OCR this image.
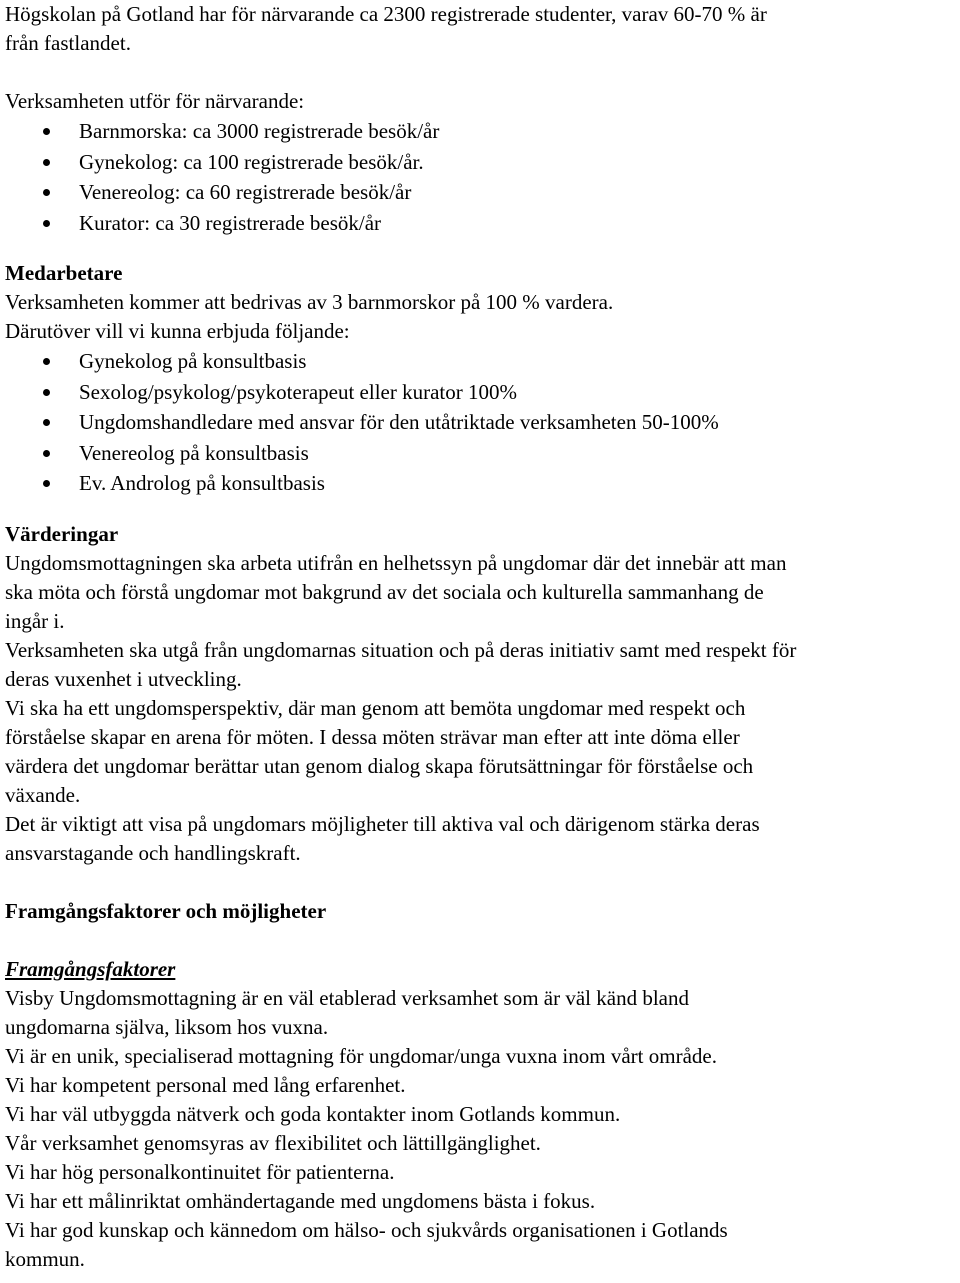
Högskolan på Gotland har för närvarande ca 2300 registrerade studenter, varav 60-70 % är

från fastlandet.

Verksamheten utför för närvarande:

Barnmorska: ca 3000 registrerade besök/år
Gynekolog: ca 100 registrerade besök/år.
Venereolog: ca 60 registrerade besök/år
Kurator: ca 30 registrerade besök/år
Medarbetare

Verksamheten kommer att bedrivas av 3 barnmorskor på 100 % vardera.

Därutöver vill vi kunna erbjuda följande:

Gynekolog på konsultbasis
Sexolog/psykolog/psykoterapeut eller kurator 100%
Ungdomshandledare med ansvar för den utåtriktade verksamheten 50-100%
Venereolog på konsultbasis
Ev. Androlog på konsultbasis
Värderingar

Ungdomsmottagningen ska arbeta utifrån en helhetssyn på ungdomar där det innebär att man

ska möta och förstå ungdomar mot bakgrund av det sociala och kulturella sammanhang de

ingår i.

Verksamheten ska utgå från ungdomarnas situation och på deras initiativ samt med respekt för

deras vuxenhet i utveckling.

Vi ska ha ett ungdomsperspektiv, där man genom att bemöta ungdomar med respekt och

förståelse skapar en arena för möten. I dessa möten strävar man efter att inte döma eller

värdera det ungdomar berättar utan genom dialog skapa förutsättningar för förståelse och

växande.

Det är viktigt att visa på ungdomars möjligheter till aktiva val och därigenom stärka deras

ansvarstagande och handlingskraft.

Framgångsfaktorer och möjligheter
Framgångsfaktorer

Visby Ungdomsmottagning är en väl etablerad verksamhet som är väl känd bland

ungdomarna själva, liksom hos vuxna.

Vi är en unik, specialiserad mottagning för ungdomar/unga vuxna inom vårt område.

Vi har kompetent personal med lång erfarenhet.

Vi har väl utbyggda nätverk och goda kontakter inom Gotlands kommun.

Vår verksamhet genomsyras av flexibilitet och lättillgänglighet.

Vi har hög personalkontinuitet för patienterna.

Vi har ett målinriktat omhändertagande med ungdomens bästa i fokus.

Vi har god kunskap och kännedom om hälso- och sjukvårds organisationen i Gotlands

kommun.
